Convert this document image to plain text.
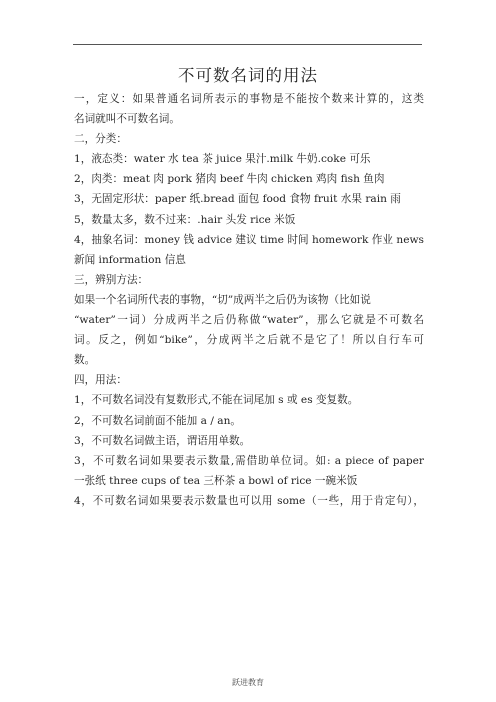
不可数名词的用法
一，定义：如果普通名词所表示的事物是不能按个数来计算的，这类
名词就叫不可数名词。
二，分类：
1，液态类：water 水 tea 茶 juice 果汁.milk 牛奶.coke 可乐
2，肉类：meat 肉 pork 猪肉 beef 牛肉 chicken 鸡肉 fish 鱼肉
3，无固定形状：paper 纸.bread 面包 food 食物 fruit 水果 rain 雨
5，数量太多，数不过来：.hair 头发 rice 米饭
4，抽象名词：money 钱 advice 建议 time 时间 homework 作业 news
新闻 information 信息
三，辨别方法：
如果一个名词所代表的事物，“切”成两半之后仍为该物（比如说
“water”一词）分成两半之后仍称做“water”，那么它就是不可数名
词。反之，例如“bike”，分成两半之后就不是它了！所以自行车可
数。
四，用法：
1，不可数名词没有复数形式,不能在词尾加 s 或 es 变复数。
2，不可数名词前面不能加 a / an。
3，不可数名词做主语，谓语用单数。
3，不可数名词如果要表示数量,需借助单位词。如: a piece of paper
一张纸 three cups of tea 三杯茶 a bowl of rice 一碗米饭
4，不可数名词如果要表示数量也可以用 some（一些，用于肯定句），
跃进教育
